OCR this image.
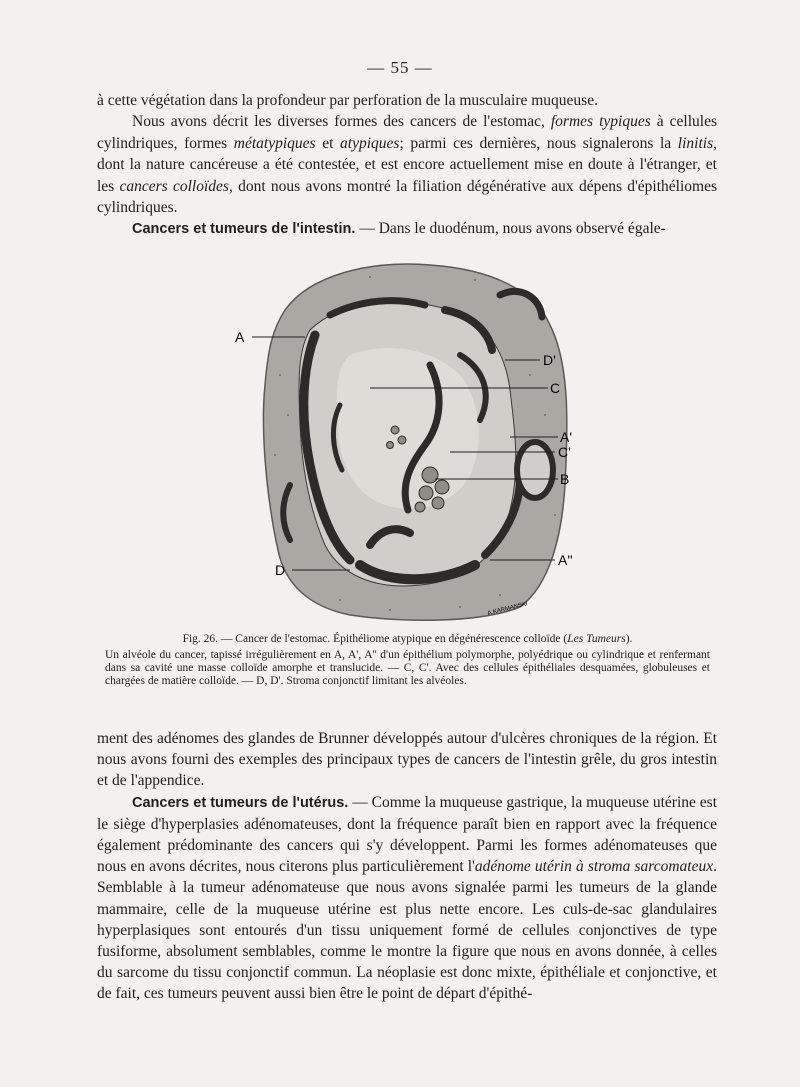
— 55 —

à cette végétation dans la profondeur par perforation de la musculaire muqueuse.

Nous avons décrit les diverses formes des cancers de l'estomac, formes typiques à cellules cylindriques, formes métatypiques et atypiques; parmi ces dernières, nous signalerons la linitis, dont la nature cancéreuse a été contestée, et est encore actuellement mise en doute à l'étranger, et les cancers colloïdes, dont nous avons montré la filiation dégénérative aux dépens d'épithéliomes cylindriques.

Cancers et tumeurs de l'intestin. — Dans le duodénum, nous avons observé égale-

A
D'
C
A'
C'
B
D
A''
A.KARMANSKI
Fig. 26. — Cancer de l'estomac. Épithéliome atypique en dégénérescence colloïde (Les Tumeurs).

Un alvéole du cancer, tapissé irrégulièrement en A, A', A'' d'un épithélium polymorphe, polyédrique ou cylindrique et renfermant dans sa cavité une masse colloïde amorphe et translucide. — C, C'. Avec des cellules épithéliales desquamées, globuleuses et chargées de matière colloïde. — D, D'. Stroma conjonctif limitant les alvéoles.

ment des adénomes des glandes de Brunner développés autour d'ulcères chroniques de la région. Et nous avons fourni des exemples des principaux types de cancers de l'intestin grêle, du gros intestin et de l'appendice.

Cancers et tumeurs de l'utérus. — Comme la muqueuse gastrique, la muqueuse utérine est le siège d'hyperplasies adénomateuses, dont la fréquence paraît bien en rapport avec la fréquence également prédominante des cancers qui s'y développent. Parmi les formes adénomateuses que nous en avons décrites, nous citerons plus particulièrement l'adénome utérin à stroma sarcomateux. Semblable à la tumeur adénomateuse que nous avons signalée parmi les tumeurs de la glande mammaire, celle de la muqueuse utérine est plus nette encore. Les culs-de-sac glandulaires hyperplasiques sont entourés d'un tissu uniquement formé de cellules conjonctives de type fusiforme, absolument semblables, comme le montre la figure que nous en avons donnée, à celles du sarcome du tissu conjonctif commun. La néoplasie est donc mixte, épithéliale et conjonctive, et de fait, ces tumeurs peuvent aussi bien être le point de départ d'épithé-
